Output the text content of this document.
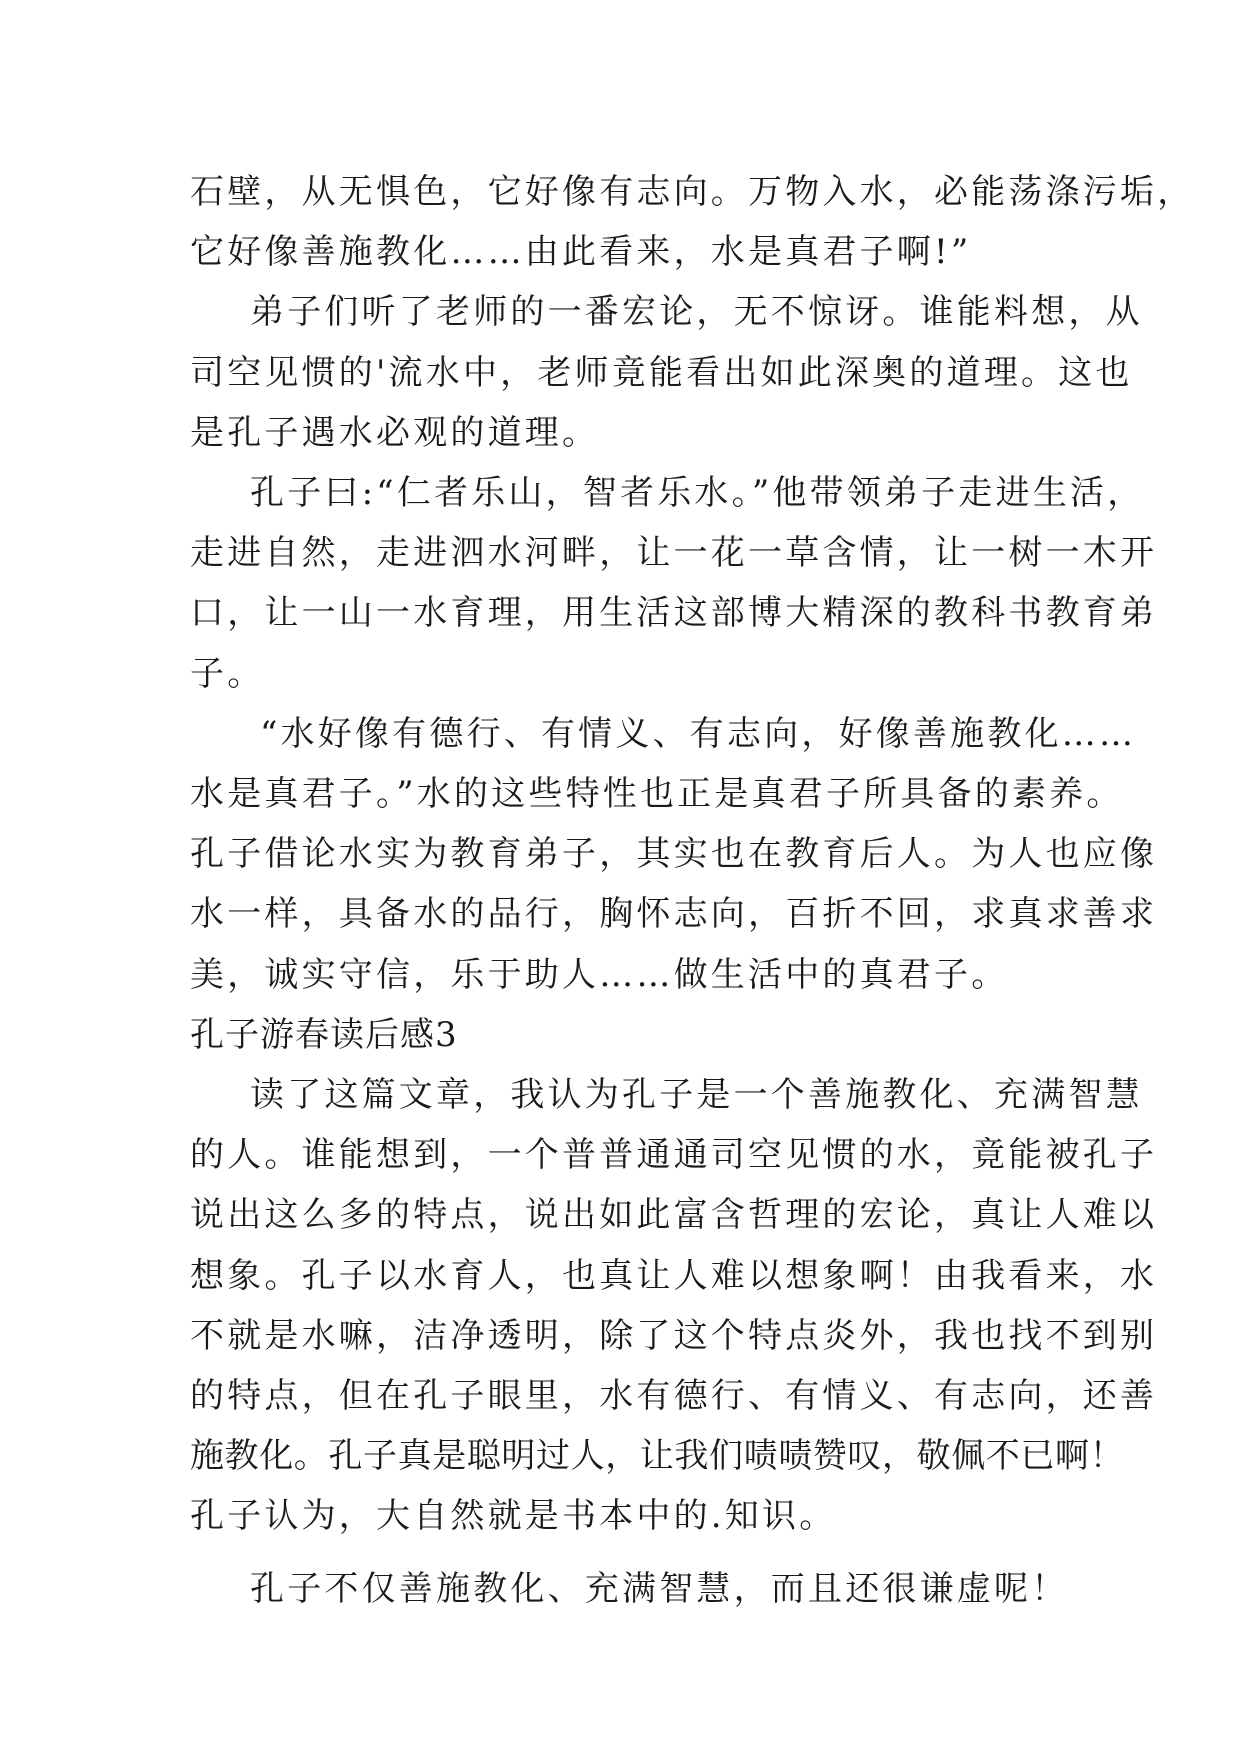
石壁，从无惧色，它好像有志向。万物入水，必能荡涤污垢，
它好像善施教化……由此看来，水是真君子啊!”
弟子们听了老师的一番宏论，无不惊讶。谁能料想，从
司空见惯的'流水中，老师竟能看出如此深奥的道理。这也
是孔子遇水必观的道理。
孔子曰:“仁者乐山，智者乐水。”他带领弟子走进生活，
走进自然，走进泗水河畔，让一花一草含情，让一树一木开
口，让一山一水育理，用生活这部博大精深的教科书教育弟
子。
“水好像有德行、有情义、有志向，好像善施教化……
水是真君子。”水的这些特性也正是真君子所具备的素养。
孔子借论水实为教育弟子，其实也在教育后人。为人也应像
水一样，具备水的品行，胸怀志向，百折不回，求真求善求
美，诚实守信，乐于助人……做生活中的真君子。
孔子游春读后感3
读了这篇文章，我认为孔子是一个善施教化、充满智慧
的人。谁能想到，一个普普通通司空见惯的水，竟能被孔子
说出这么多的特点，说出如此富含哲理的宏论，真让人难以
想象。孔子以水育人，也真让人难以想象啊！由我看来，水
不就是水嘛，洁净透明，除了这个特点炎外，我也找不到别
的特点，但在孔子眼里，水有德行、有情义、有志向，还善
施教化。孔子真是聪明过人，让我们啧啧赞叹，敬佩不已啊！
孔子认为，大自然就是书本中的.知识。
孔子不仅善施教化、充满智慧，而且还很谦虚呢！
